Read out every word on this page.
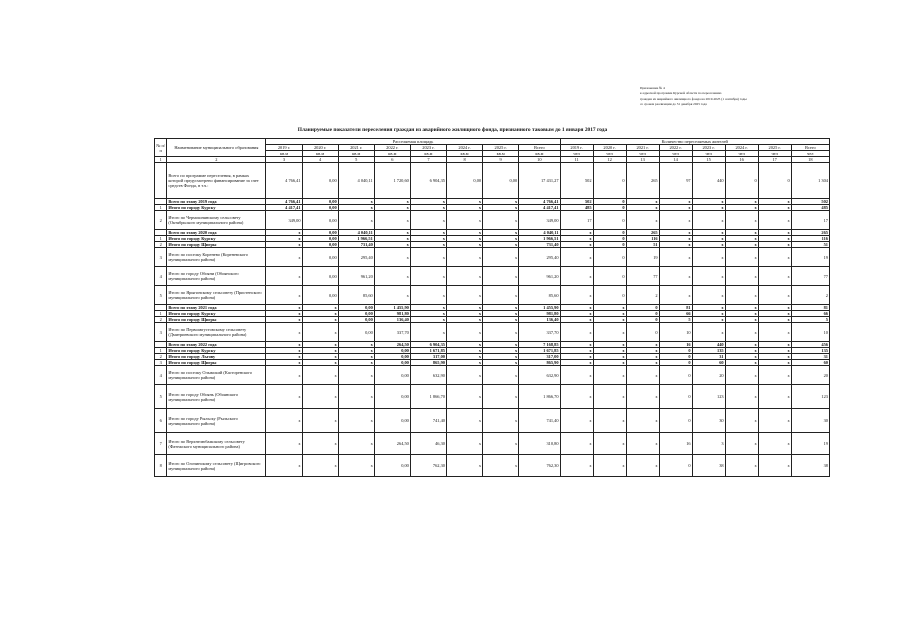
Приложение № 4
к адресной программе Курской области по переселению
граждан из аварийного жилищного фонда на 2019-2025 (1 сентября) годы
со сроком реализации до 31 декабря 2025 года
Планируемые показатели переселения граждан из аварийного жилищного фонда, признанного таковым до 1 января 2017 года
№ п/п	Наименование муниципального образования	Расселяемая площадь								Количество переселяемых жителей							
		2019 г.	2020 г.	2021 г.	2022 г.	2023 г.	2024 г.	2025 г.	Всего	2019 г.	2020 г.	2021 г.	2022 г.	2023 г.	2024 г.	2025 г.	Всего
		кв.м	кв.м	кв.м	кв.м	кв.м	кв.м	кв.м	кв.м	чел	чел	чел	чел	чел	чел	чел	чел
1	2	3	4	5	6	7	8	9	10	11	12	13	14	15	16	17	18
	Всего по программе переселения, в рамках которой предусмотрено финансирование за счет средств Фонда, в т.ч.:	4 766,41	0,00	4 040,11	1 720,60	6 904,35	0,00	0,00	17 431,27	502	0	265	97	440	0	0	1 304
	Всего по этапу 2019 года	4 766,41	0,00	x	x	x	x	x	4 766,41	502	0	x	x	x	x	x	502
1	Итого по городу Курску	4 417,41	0,00	x	x	x	x	x	4 417,41	485	0	x	x	x	x	x	485
2	Итого по Чермошнянскому сельсовету (Октябрьского муниципального района)	349,00	0,00	x	x	x	x	x	349,00	17	0	x	x	x	x	x	17
	Всего по этапу 2020 года	x	0,00	4 040,11	x	x	x	x	4 040,11	x	0	265	x	x	x	x	265
1	Итого по городу Курску	x	0,00	1 966,51	x	x	x	x	1 966,51	x	0	116	x	x	x	x	116
2	Итого по городу Щигры	x	0,00	731,40	x	x	x	x	731,40	x	0	51	x	x	x	x	51
3	Итого по поселку Кореневo (Кореневского муниципального района)	x	0,00	295,40	x	x	x	x	295,40	x	0	19	x	x	x	x	19
4	Итого по городу Обояни (Обоянского муниципального района)	x	0,00	961,20	x	x	x	x	961,20	x	0	77	x	x	x	x	77
5	Итого по Ярыгинскому сельсовету (Пристенского муниципального района)	x	0,00	85,60	x	x	x	x	85,60	x	0	2	x	x	x	x	2
	Всего по этапу 2021 года	x	x	0,00	1 455,90	x	x	x	1 455,90	x	x	0	81	x	x	x	81
1	Итого по городу Курску	x	x	0,00	981,80	x	x	x	981,80	x	x	0	66	x	x	x	66
2	Итого по городу Щигры	x	x	0,00	136,40	x	x	x	136,40	x	x	0	5	x	x	x	5
3	Итого по Первоавгустовскому сельсовету (Дмитриевского муниципального района)	x	x	0,00	337,70	x	x	x	337,70	x	x	0	10	x	x	x	10
	Всего по этапу 2022 года	x	x	x	264,50	6 904,35	x	x	7 168,85	x	x	x	16	440	x	x	456
1	Итого по городу Курску	x	x	x	0,00	1 671,85	x	x	1 671,85	x	x	x	0	135	x	x	135
2	Итого по городу Льгову	x	x	x	0,00	317,00	x	x	317,00	x	x	x	0	31	x	x	31
3	Итого по городу Щигры	x	x	x	0,00	865,90	x	x	865,90	x	x	x	0	60	x	x	60
4	Итого по поселку Олымский (Касторенского муниципального района)	x	x	x	0,00	632,90	x	x	632,90	x	x	x	0	20	x	x	20
5	Итого по городу Обоянь (Обоянского муниципального района)	x	x	x	0,00	1 866,70	x	x	1 866,70	x	x	x	0	123	x	x	123
6	Итого по городу Рыльску (Рыльского муниципального района)	x	x	x	0,00	741,40	x	x	741,40	x	x	x	0	30	x	x	30
7	Итого по Верхнелюбажскому сельсовету (Фатежского муниципального района)	x	x	x	264,50	46,30	x	x	310,80	x	x	x	16	3	x	x	19
8	Итого по Олочинскому сельсовету (Щигровского муниципального района)	x	x	x	0,00	762,30	x	x	762,30	x	x	x	0	38	x	x	38
